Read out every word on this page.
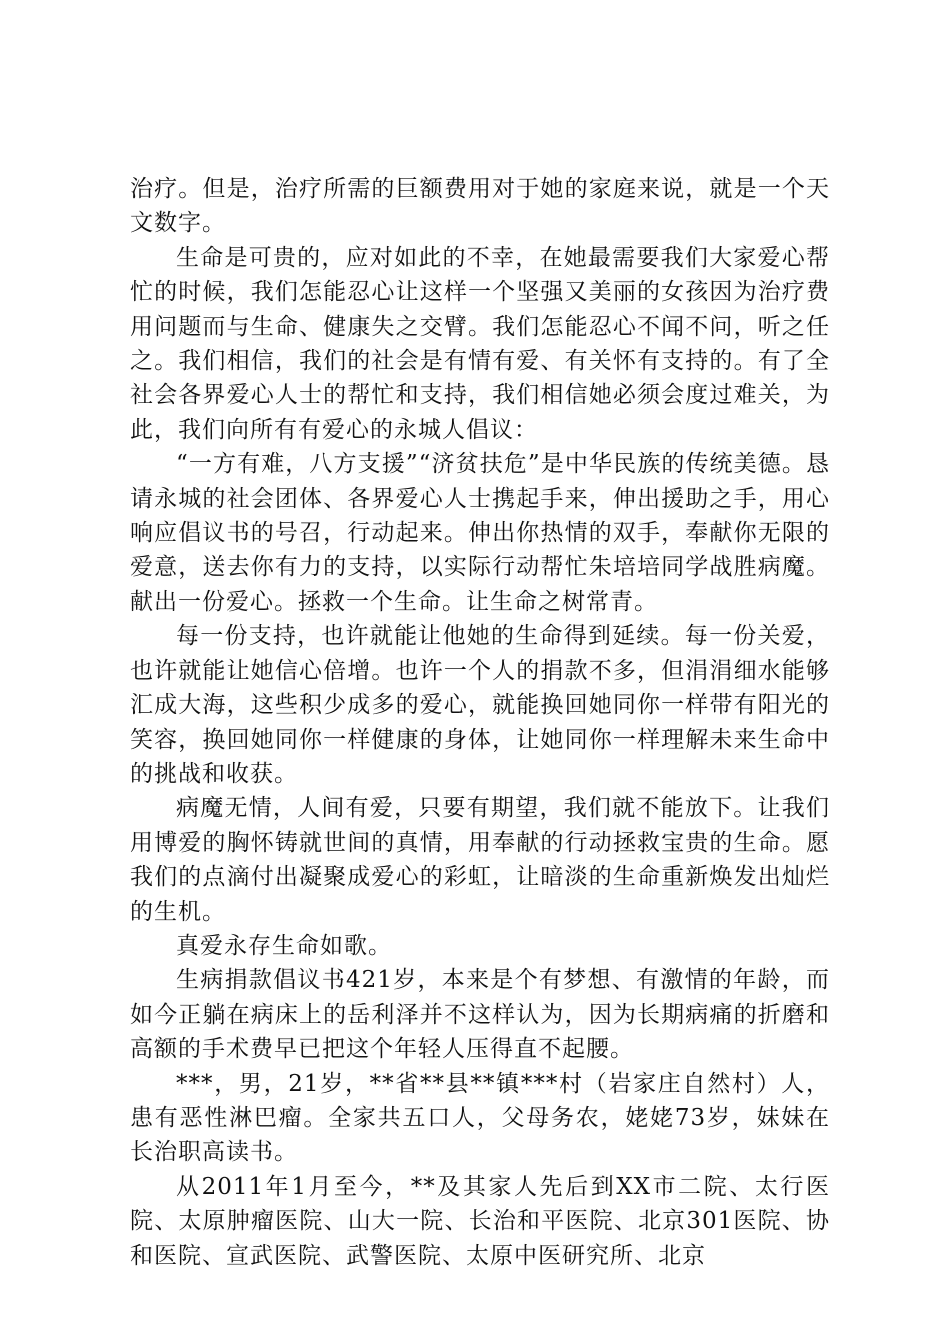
治疗。但是，治疗所需的巨额费用对于她的家庭来说，就是一个天文数字。

生命是可贵的，应对如此的不幸，在她最需要我们大家爱心帮忙的时候，我们怎能忍心让这样一个坚强又美丽的女孩因为治疗费用问题而与生命、健康失之交臂。我们怎能忍心不闻不问，听之任之。我们相信，我们的社会是有情有爱、有关怀有支持的。有了全社会各界爱心人士的帮忙和支持，我们相信她必须会度过难关，为此，我们向所有有爱心的永城人倡议：

“一方有难，八方支援”“济贫扶危”是中华民族的传统美德。恳请永城的社会团体、各界爱心人士携起手来，伸出援助之手，用心响应倡议书的号召，行动起来。伸出你热情的双手，奉献你无限的爱意，送去你有力的支持，以实际行动帮忙朱培培同学战胜病魔。献出一份爱心。拯救一个生命。让生命之树常青。

每一份支持，也许就能让他她的生命得到延续。每一份关爱，也许就能让她信心倍增。也许一个人的捐款不多，但涓涓细水能够汇成大海，这些积少成多的爱心，就能换回她同你一样带有阳光的笑容，换回她同你一样健康的身体，让她同你一样理解未来生命中的挑战和收获。

病魔无情，人间有爱，只要有期望，我们就不能放下。让我们用博爱的胸怀铸就世间的真情，用奉献的行动拯救宝贵的生命。愿我们的点滴付出凝聚成爱心的彩虹，让暗淡的生命重新焕发出灿烂的生机。

真爱永存生命如歌。

生病捐款倡议书421岁，本来是个有梦想、有激情的年龄，而如今正躺在病床上的岳利泽并不这样认为，因为长期病痛的折磨和高额的手术费早已把这个年轻人压得直不起腰。

***，男，21岁，**省**县**镇***村（岩家庄自然村）人，患有恶性淋巴瘤。全家共五口人，父母务农，姥姥73岁，妹妹在长治职高读书。

从2011年1月至今，**及其家人先后到XX市二院、太行医院、太原肿瘤医院、山大一院、长治和平医院、北京301医院、协和医院、宣武医院、武警医院、太原中医研究所、北京
